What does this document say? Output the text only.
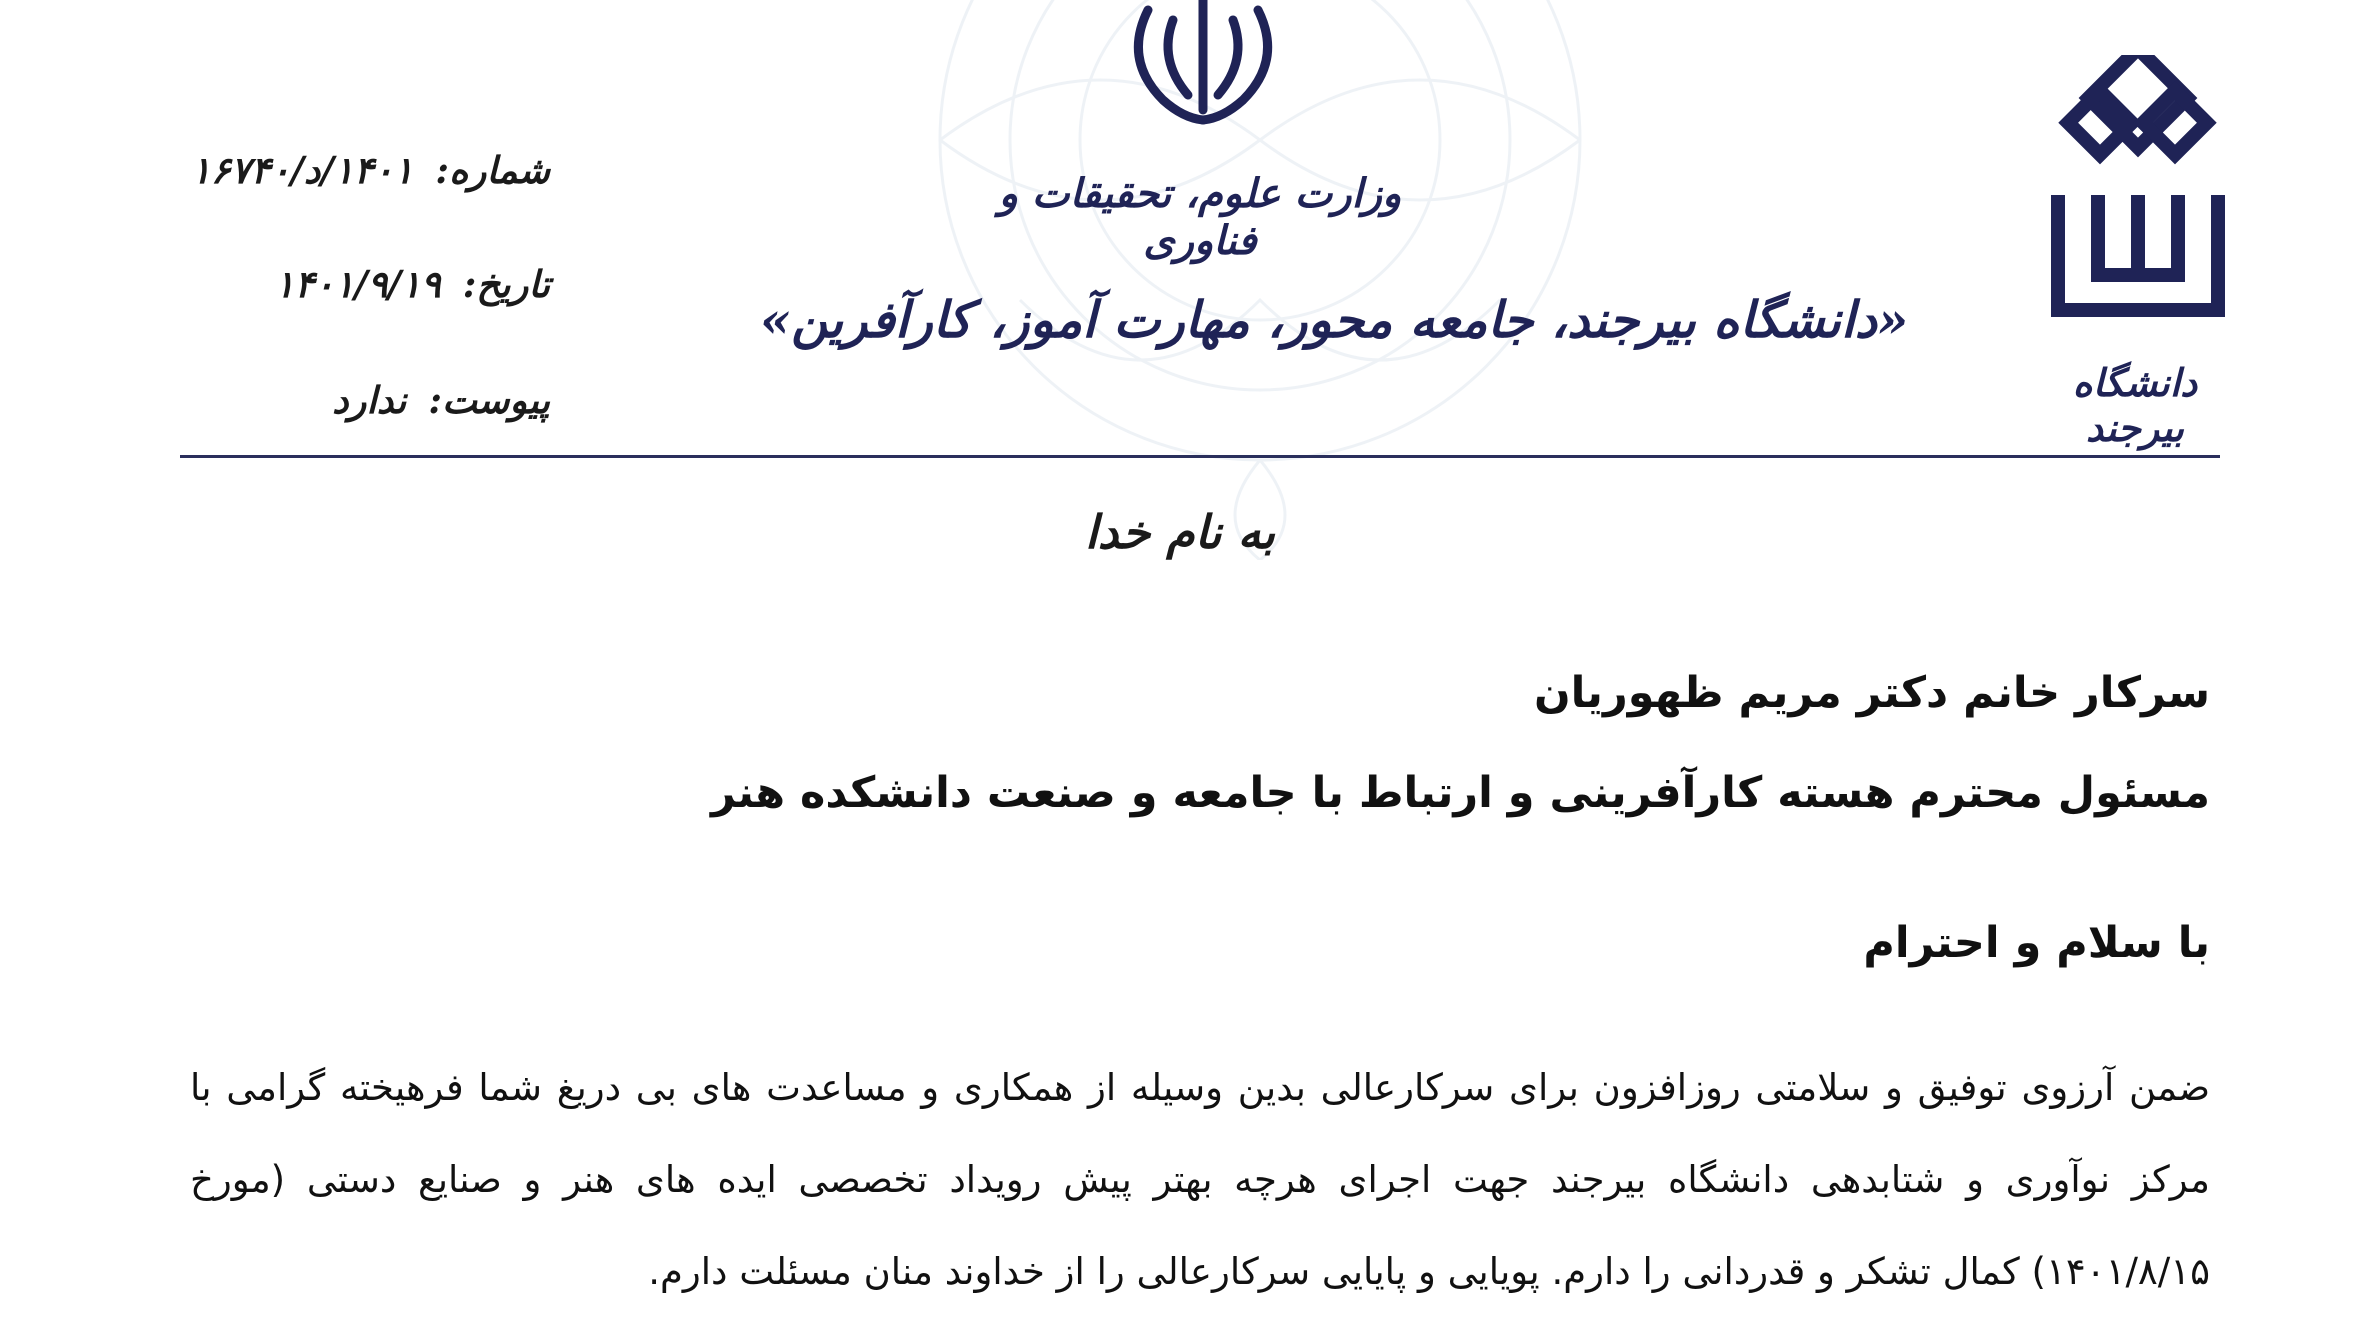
دانشگاه بیرجند
وزارت علوم، تحقیقات و فناوری
«دانشگاه بیرجند، جامعه محور، مهارت آموز، کارآفرین»
شماره:
۱۴۰۱/د/۱۶۷۴۰
تاریخ:
۱۴۰۱/۹/۱۹
پیوست:
ندارد
به نام خدا
سرکار خانم دکتر مریم ظهوریان
مسئول محترم هسته کارآفرینی و ارتباط با جامعه و صنعت دانشکده هنر
با سلام و احترام
ضمن آرزوی توفیق و سلامتی روزافزون برای سرکارعالی بدین وسیله از همکاری و مساعدت های بی دریغ شما فرهیخته گرامی با مرکز نوآوری و شتابدهی دانشگاه بیرجند جهت اجرای هرچه بهتر پیش رویداد تخصصی ایده های هنر و صنایع دستی (مورخ ۱۴۰۱/۸/۱۵) کمال تشکر و قدردانی را دارم. پویایی و پایایی سرکارعالی را از خداوند منان مسئلت دارم.
